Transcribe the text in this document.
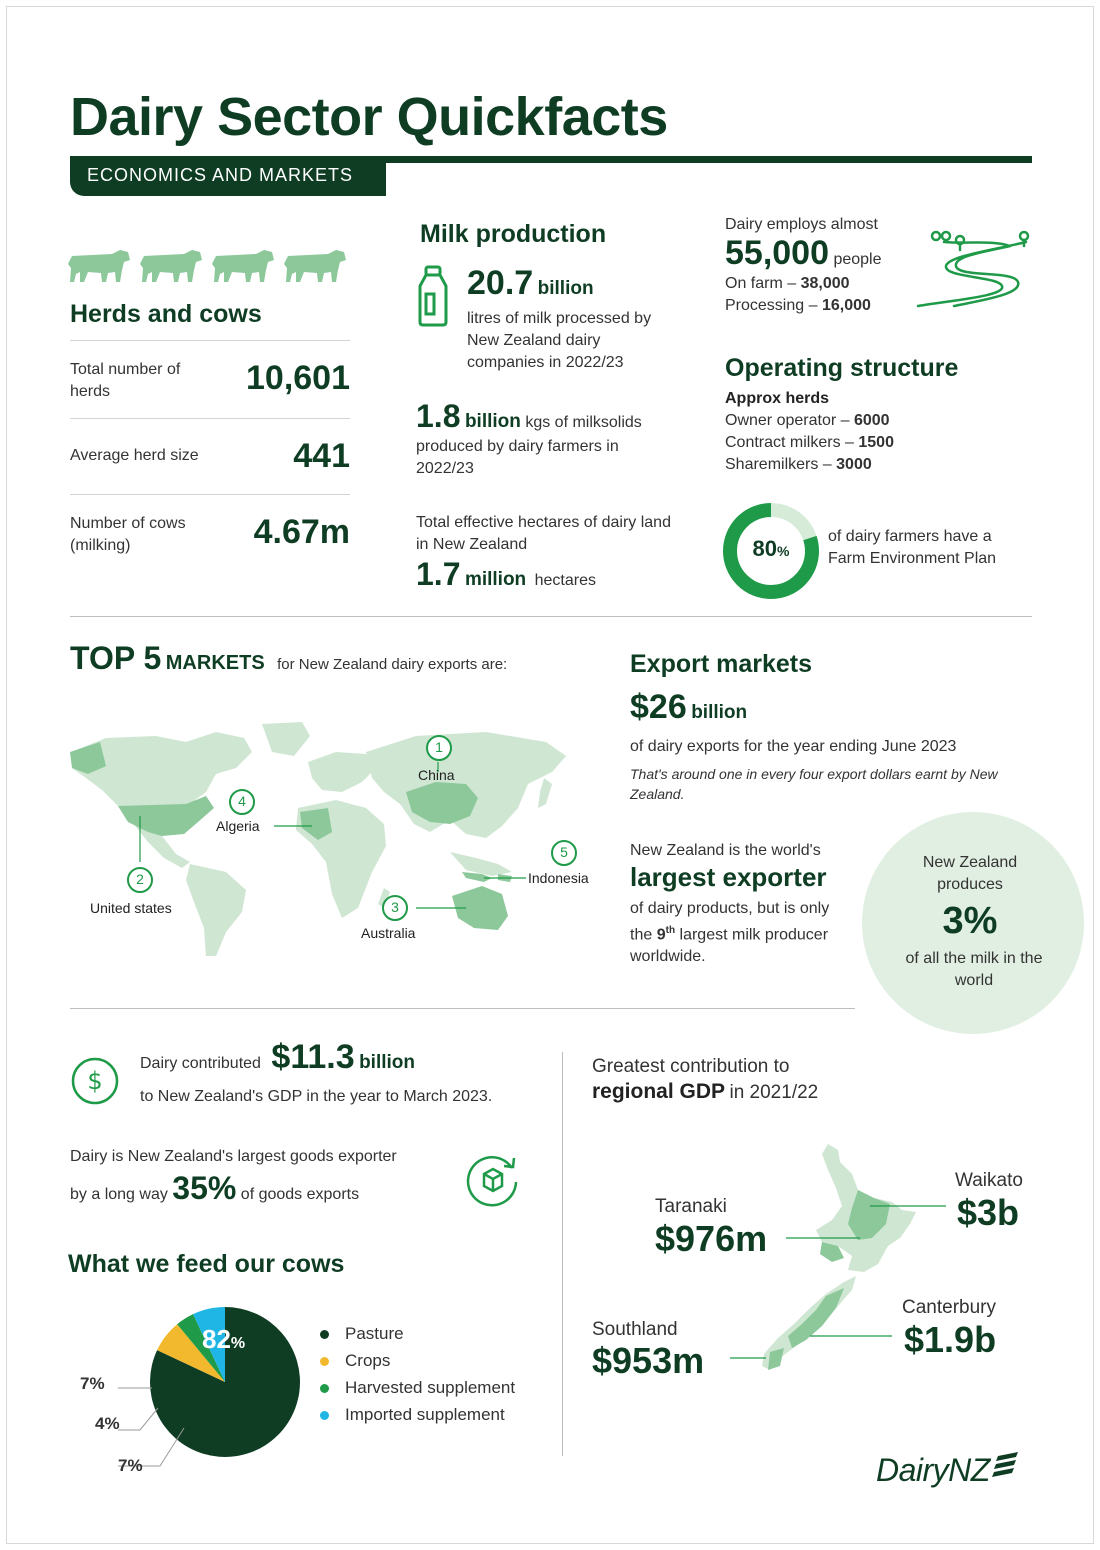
Dairy Sector Quickfacts
ECONOMICS AND MARKETS
Herds and cows
Total number of herds	10,601
Average herd size	441
Number of cows (milking)	4.67m
Milk production
20.7 billion
litres of milk processed by New Zealand dairy companies in 2022/23
1.8 billion kgs of milksolids
produced by dairy farmers in 2022/23
Total effective hectares of dairy land in New Zealand
1.7 million hectares
Dairy employs almost
55,000 people
On farm – 38,000
Processing – 16,000
Operating structure
Approx herds
Owner operator – 6000
Contract milkers – 1500
Sharemilkers – 3000
80%
of dairy farmers have a Farm Environment Plan
TOP 5 MARKETS for New Zealand dairy exports are:
1
China
2
United states	3
Australia
4
Algeria
5
Indonesia
Export markets
$26 billion
of dairy exports for the year ending June 2023
That's around one in every four export dollars earnt by New Zealand.
New Zealand is the world's
largest exporter
of dairy products, but is only the 9th largest milk producer worldwide.
New Zealand produces
3%
of all the milk in the world
$
Dairy contributed $11.3 billion
to New Zealand's GDP in the year to March 2023.
Dairy is New Zealand's largest goods exporter
by a long way 35% of goods exports
What we feed our cows
82%
7%
4%
7%
Pasture
Crops
Harvested supplement
Imported supplement
Greatest contribution to
regional GDP in 2021/22
Waikato
$3b
Taranaki
$976m
Canterbury
$1.9b
Southland
$953m
DairyNZ
